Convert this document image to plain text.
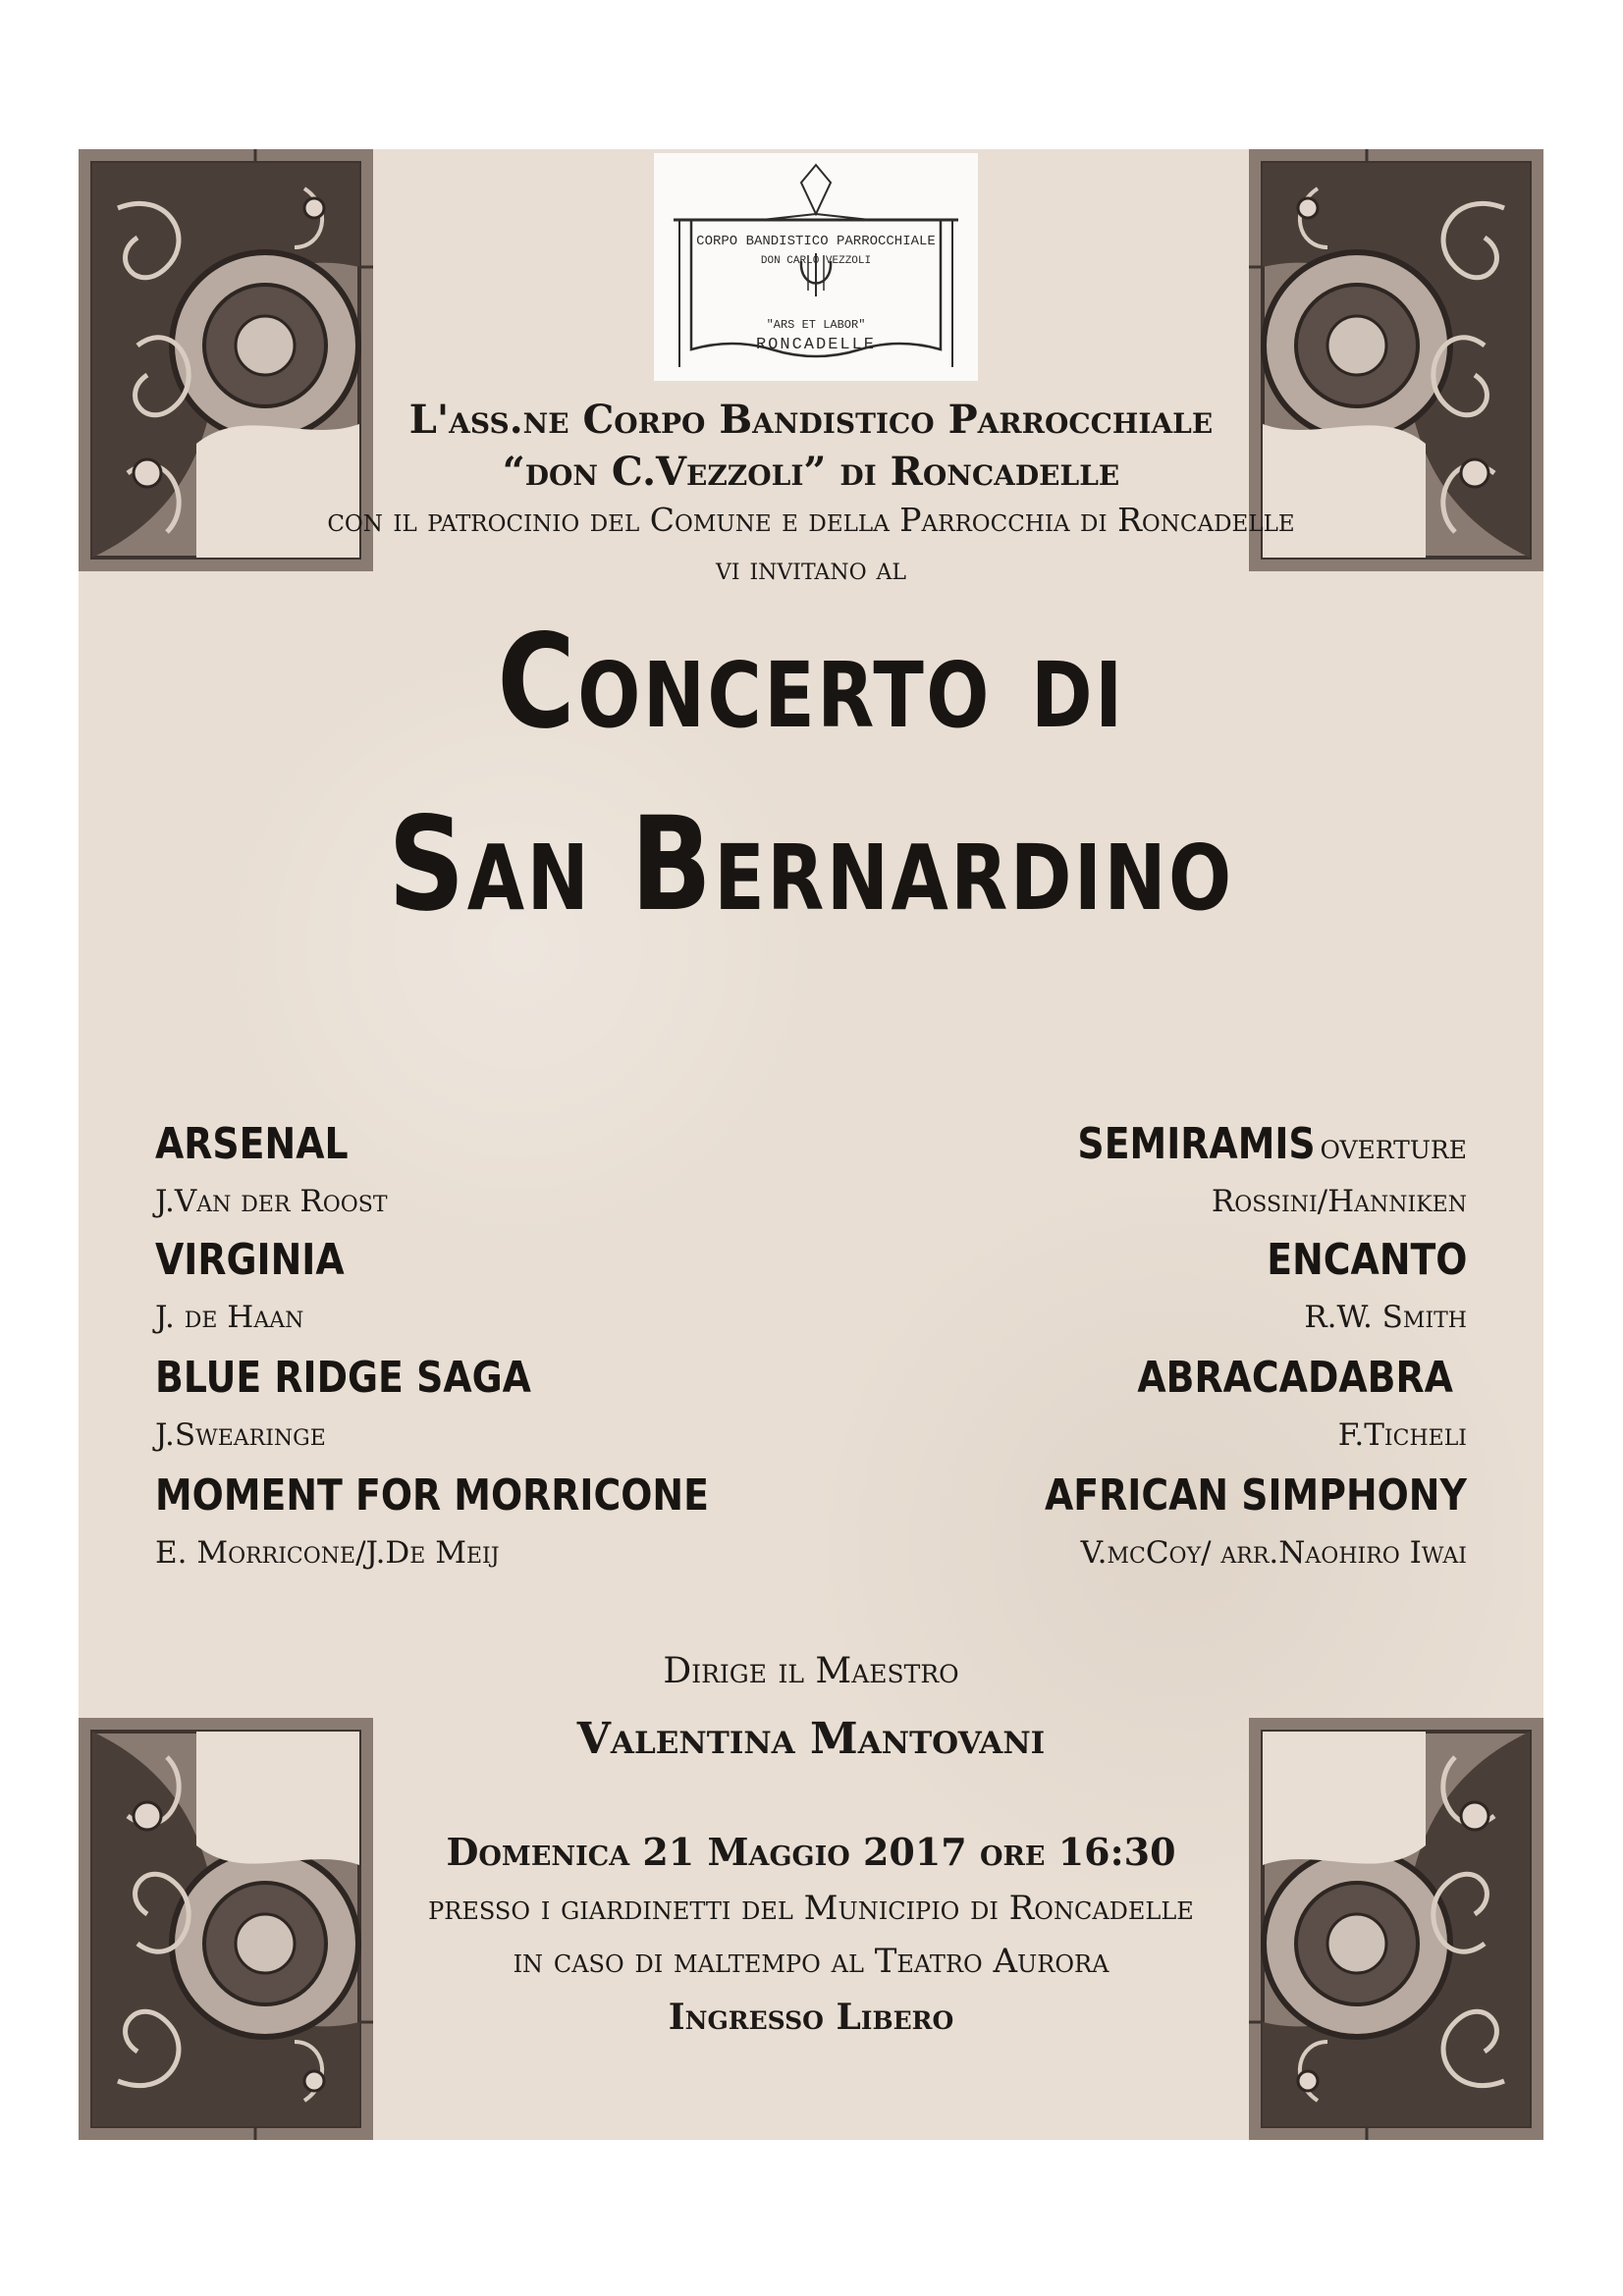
CORPO BANDISTICO PARROCCHIALE
DON CARLO VEZZOLI
"ARS ET LABOR"
RONCADELLE
L'ass.ne Corpo Bandistico Parrocchiale
“don C.Vezzoli” di Roncadelle
con il patrocinio del Comune e della Parrocchia di Roncadelle
vi invitano al
Concerto di
San Bernardino
ARSENAL
J.Van der Roost
VIRGINIA
J. de Haan
BLUE RIDGE SAGA
J.Swearinge
MOMENT FOR MORRICONE
E. Morricone/J.De Meij
SEMIRAMIS overture
Rossini/Hanniken
ENCANTO
R.W. Smith
ABRACADABRA
F.Ticheli
AFRICAN SIMPHONY
V.mcCoy/ arr.Naohiro Iwai
Dirige il Maestro
Valentina Mantovani
Domenica 21 Maggio 2017 ore 16:30
presso i giardinetti del Municipio di Roncadelle
in caso di maltempo al Teatro Aurora
Ingresso Libero
